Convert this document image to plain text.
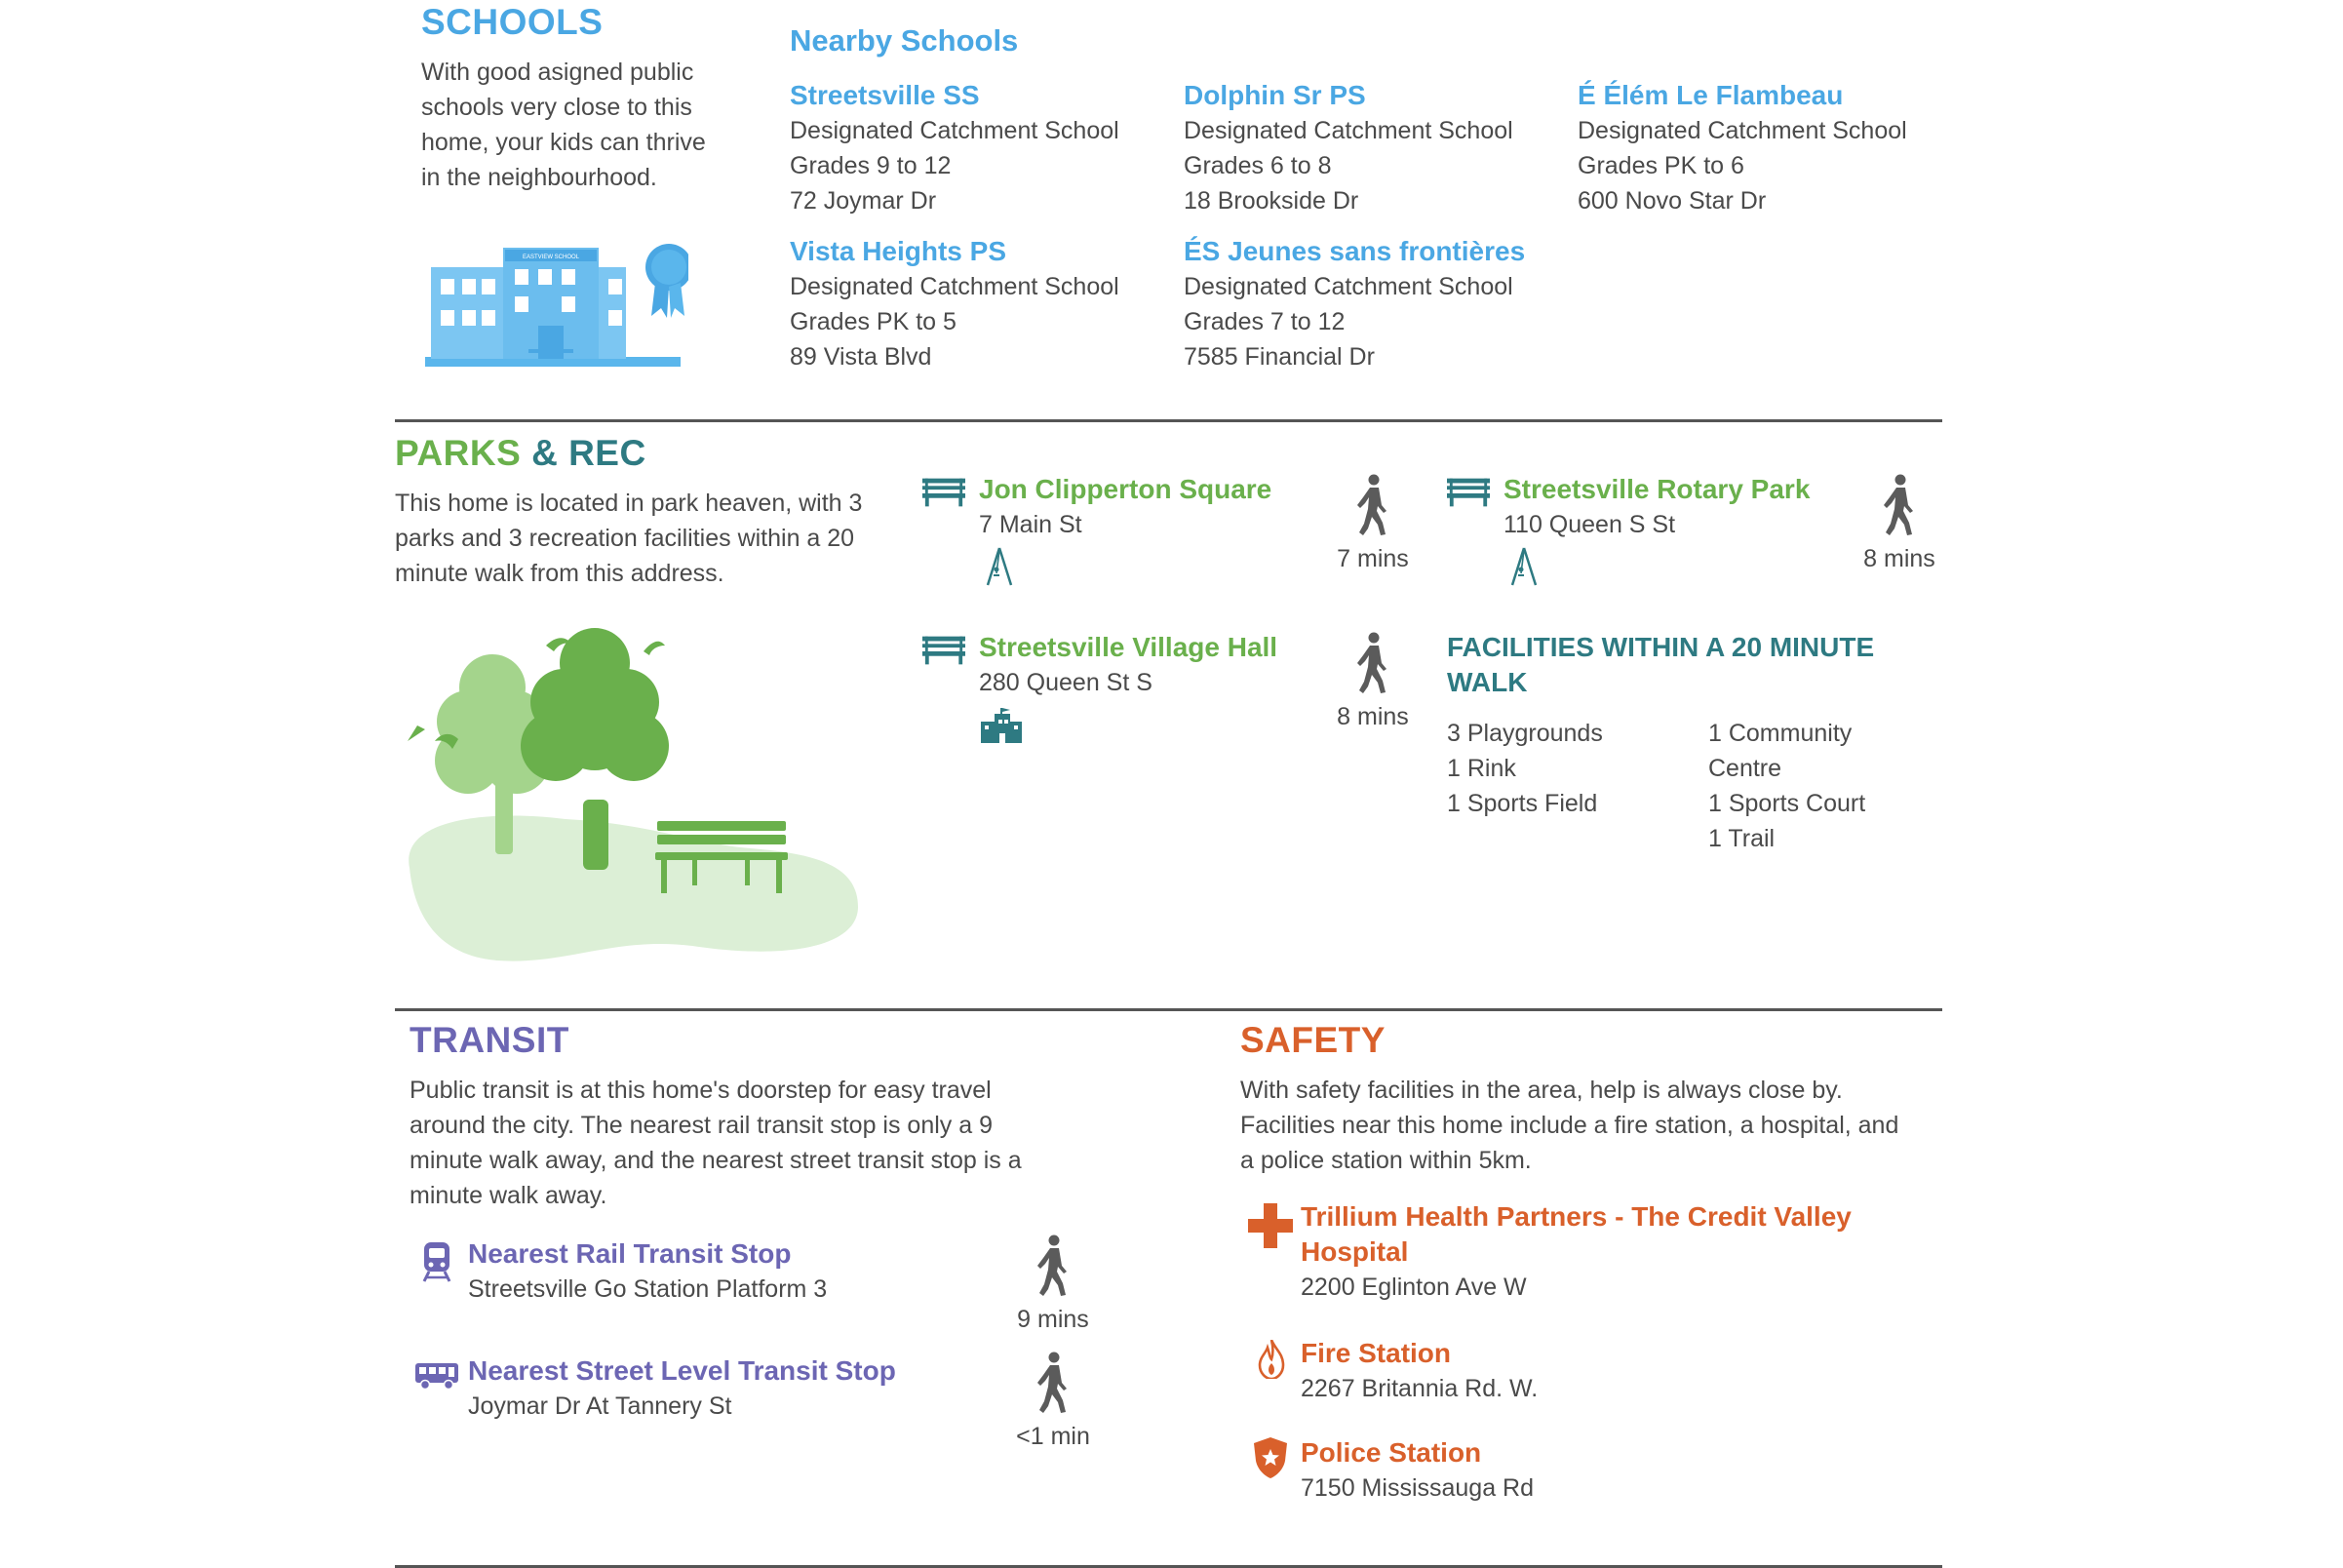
SCHOOLS
With good asigned public
schools very close to this
home, your kids can thrive
in the neighbourhood.
EASTVIEW SCHOOL
Nearby Schools
Streetsville SS
Designated Catchment School
Grades 9 to 12
72 Joymar Dr
Dolphin Sr PS
Designated Catchment School
Grades 6 to 8
18 Brookside Dr
É Élém Le Flambeau
Designated Catchment School
Grades PK to 6
600 Novo Star Dr
Vista Heights PS
Designated Catchment School
Grades PK to 5
89 Vista Blvd
ÉS Jeunes sans frontières
Designated Catchment School
Grades 7 to 12
7585 Financial Dr
PARKS & REC
This home is located in park heaven, with 3
parks and 3 recreation facilities within a 20
minute walk from this address.
Jon Clipperton Square
7 Main St
7 mins
Streetsville Rotary Park
110 Queen S St
8 mins
Streetsville Village Hall
280 Queen St S
8 mins
FACILITIES WITHIN A 20 MINUTE
WALK
3 Playgrounds
1 Rink
1 Sports Field
1 Community
Centre
1 Sports Court
1 Trail
TRANSIT
Public transit is at this home's doorstep for easy travel
around the city. The nearest rail transit stop is only a 9
minute walk away, and the nearest street transit stop is a
minute walk away.
Nearest Rail Transit Stop
Streetsville Go Station Platform 3
9 mins
Nearest Street Level Transit Stop
Joymar Dr At Tannery St
<1 min
SAFETY
With safety facilities in the area, help is always close by.
Facilities near this home include a fire station, a hospital, and
a police station within 5km.
Trillium Health Partners - The Credit Valley
Hospital
2200 Eglinton Ave W
Fire Station
2267 Britannia Rd. W.
Police Station
7150 Mississauga Rd
